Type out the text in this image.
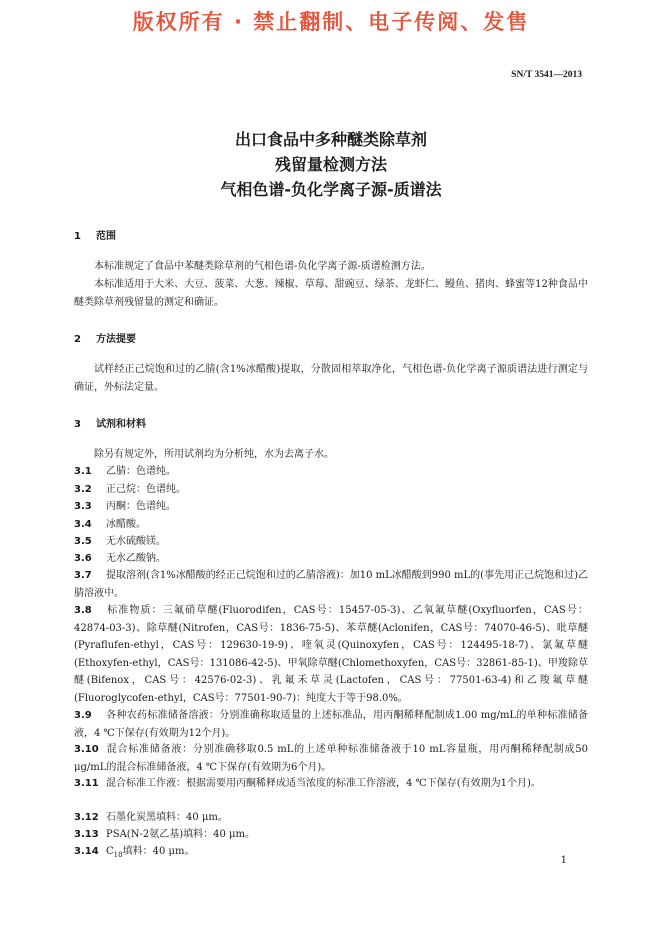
版权所有 · 禁止翻制、电子传阅、发售
SN/T 3541—2013
出口食品中多种醚类除草剂
残留量检测方法
气相色谱-负化学离子源-质谱法
1 范围
本标准规定了食品中苯醚类除草剂的气相色谱-负化学离子源-质谱检测方法。
本标准适用于大米、大豆、菠菜、大葱、辣椒、草莓、甜豌豆、绿茶、龙虾仁、鳗鱼、猪肉、蜂蜜等12种食品中醚类除草剂残留量的测定和确证。
2 方法提要
试样经正己烷饱和过的乙腈(含1%冰醋酸)提取，分散固相萃取净化，气相色谱-负化学离子源质谱法进行测定与确证，外标法定量。
3 试剂和材料
除另有规定外，所用试剂均为分析纯，水为去离子水。
3.1 乙腈：色谱纯。
3.2 正己烷：色谱纯。
3.3 丙酮：色谱纯。
3.4 冰醋酸。
3.5 无水硫酸镁。
3.6 无水乙酸钠。
3.7 提取溶剂(含1%冰醋酸的经正己烷饱和过的乙腈溶液)：加10 mL冰醋酸到990 mL的(事先用正己烷饱和过)乙腈溶液中。
3.8 标准物质：三氟硝草醚(Fluorodifen，CAS号：15457-05-3)、乙氧氟草醚(Oxyfluorfen，CAS号：42874-03-3)、除草醚(Nitrofen，CAS号：1836-75-5)、苯草醚(Aclonifen，CAS号：74070-46-5)、吡草醚(Pyraflufen-ethyl，CAS号：129630-19-9)、喹氧灵(Quinoxyfen，CAS号：124495-18-7)、氯氟草醚(Ethoxyfen-ethyl，CAS号：131086-42-5)、甲氧除草醚(Chlomethoxyfen，CAS号：32861-85-1)、甲羧除草醚(Bifenox，CAS号：42576-02-3)、乳氟禾草灵(Lactofen，CAS号：77501-63-4)和乙羧氟草醚(Fluoroglycofen-ethyl，CAS号：77501-90-7)：纯度大于等于98.0%。
3.9 各种农药标准储备溶液：分别准确称取适量的上述标准品，用丙酮稀释配制成1.00 mg/mL的单种标准储备液，4 ℃下保存(有效期为12个月)。
3.10 混合标准储备液：分别准确移取0.5 mL的上述单种标准储备液于10 mL容量瓶，用丙酮稀释配制成50 μg/mL的混合标准储备液，4 ℃下保存(有效期为6个月)。
3.11 混合标准工作液：根据需要用丙酮稀释成适当浓度的标准工作溶液，4 ℃下保存(有效期为1个月)。
3.12 石墨化炭黑填料：40 μm。
3.13 PSA(N-2氨乙基)填料：40 μm。
3.14 $C_{18}$填料：40 μm。
1
